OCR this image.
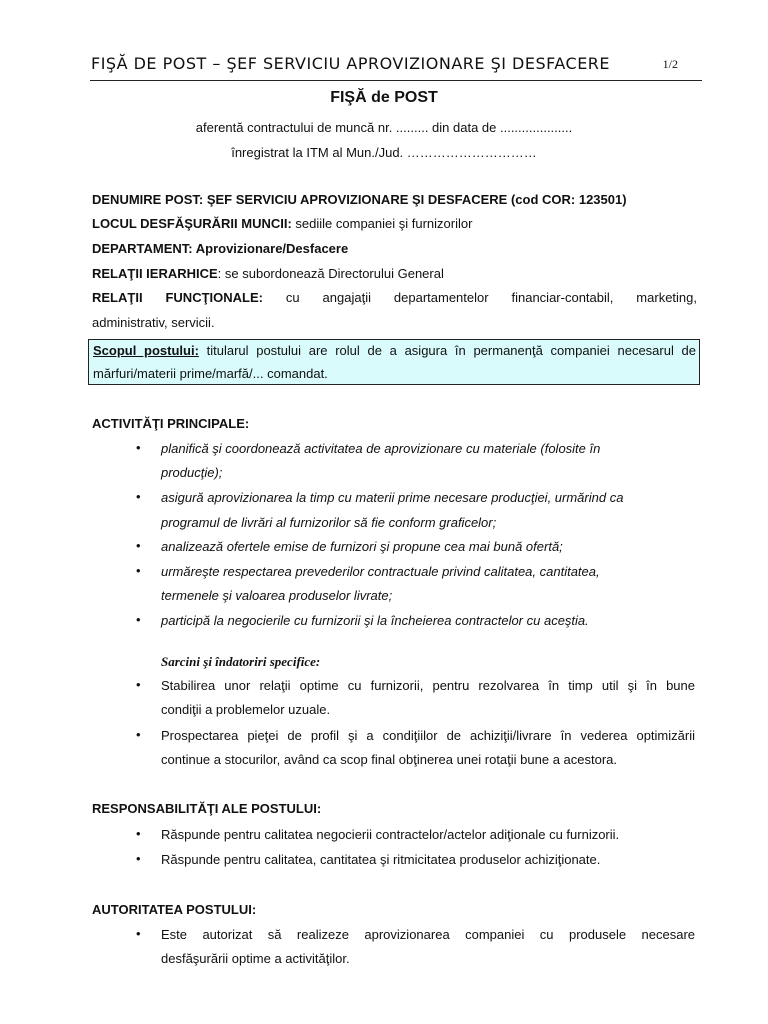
FIŞĂ DE POST – ŞEF SERVICIU APROVIZIONARE ŞI DESFACERE	1/2
FIŞĂ de POST
aferentă contractului de muncă nr. ......... din data de ....................
înregistrat la ITM al Mun./Jud. …………………………
DENUMIRE POST: ŞEF SERVICIU APROVIZIONARE ŞI DESFACERE (cod COR: 123501)
LOCUL DESFĂŞURĂRII MUNCII: sediile companiei şi furnizorilor
DEPARTAMENT: Aprovizionare/Desfacere
RELAŢII IERARHICE: se subordonează Directorului General
RELAŢII FUNCŢIONALE: cu angajaţii departamentelor financiar-contabil, marketing,
administrativ, servicii.
Scopul postului: titularul postului are rolul de a asigura în permanenţă companiei necesarul de
mărfuri/materii prime/marfă/... comandat.
ACTIVITĂŢI PRINCIPALE:
• planifică şi coordonează activitatea de aprovizionare cu materiale (folosite în
producţie);
• asigură aprovizionarea la timp cu materii prime necesare producţiei, urmărind ca
programul de livrări al furnizorilor să fie conform graficelor;
• analizează ofertele emise de furnizori şi propune cea mai bună ofertă;
• urmăreşte respectarea prevederilor contractuale privind calitatea, cantitatea,
termenele şi valoarea produselor livrate;
• participă la negocierile cu furnizorii şi la încheierea contractelor cu aceştia.
Sarcini şi îndatoriri specifice:
• Stabilirea unor relaţii optime cu furnizorii, pentru rezolvarea în timp util şi în bune
condiţii a problemelor uzuale.
• Prospectarea pieţei de profil şi a condiţiilor de achiziţii/livrare în vederea optimizării
continue a stocurilor, având ca scop final obţinerea unei rotaţii bune a acestora.
RESPONSABILITĂŢI ALE POSTULUI:
• Răspunde pentru calitatea negocierii contractelor/actelor adiţionale cu furnizorii.
• Răspunde pentru calitatea, cantitatea şi ritmicitatea produselor achiziţionate.
AUTORITATEA POSTULUI:
• Este autorizat să realizeze aprovizionarea companiei cu produsele necesare
desfăşurării optime a activităţilor.
